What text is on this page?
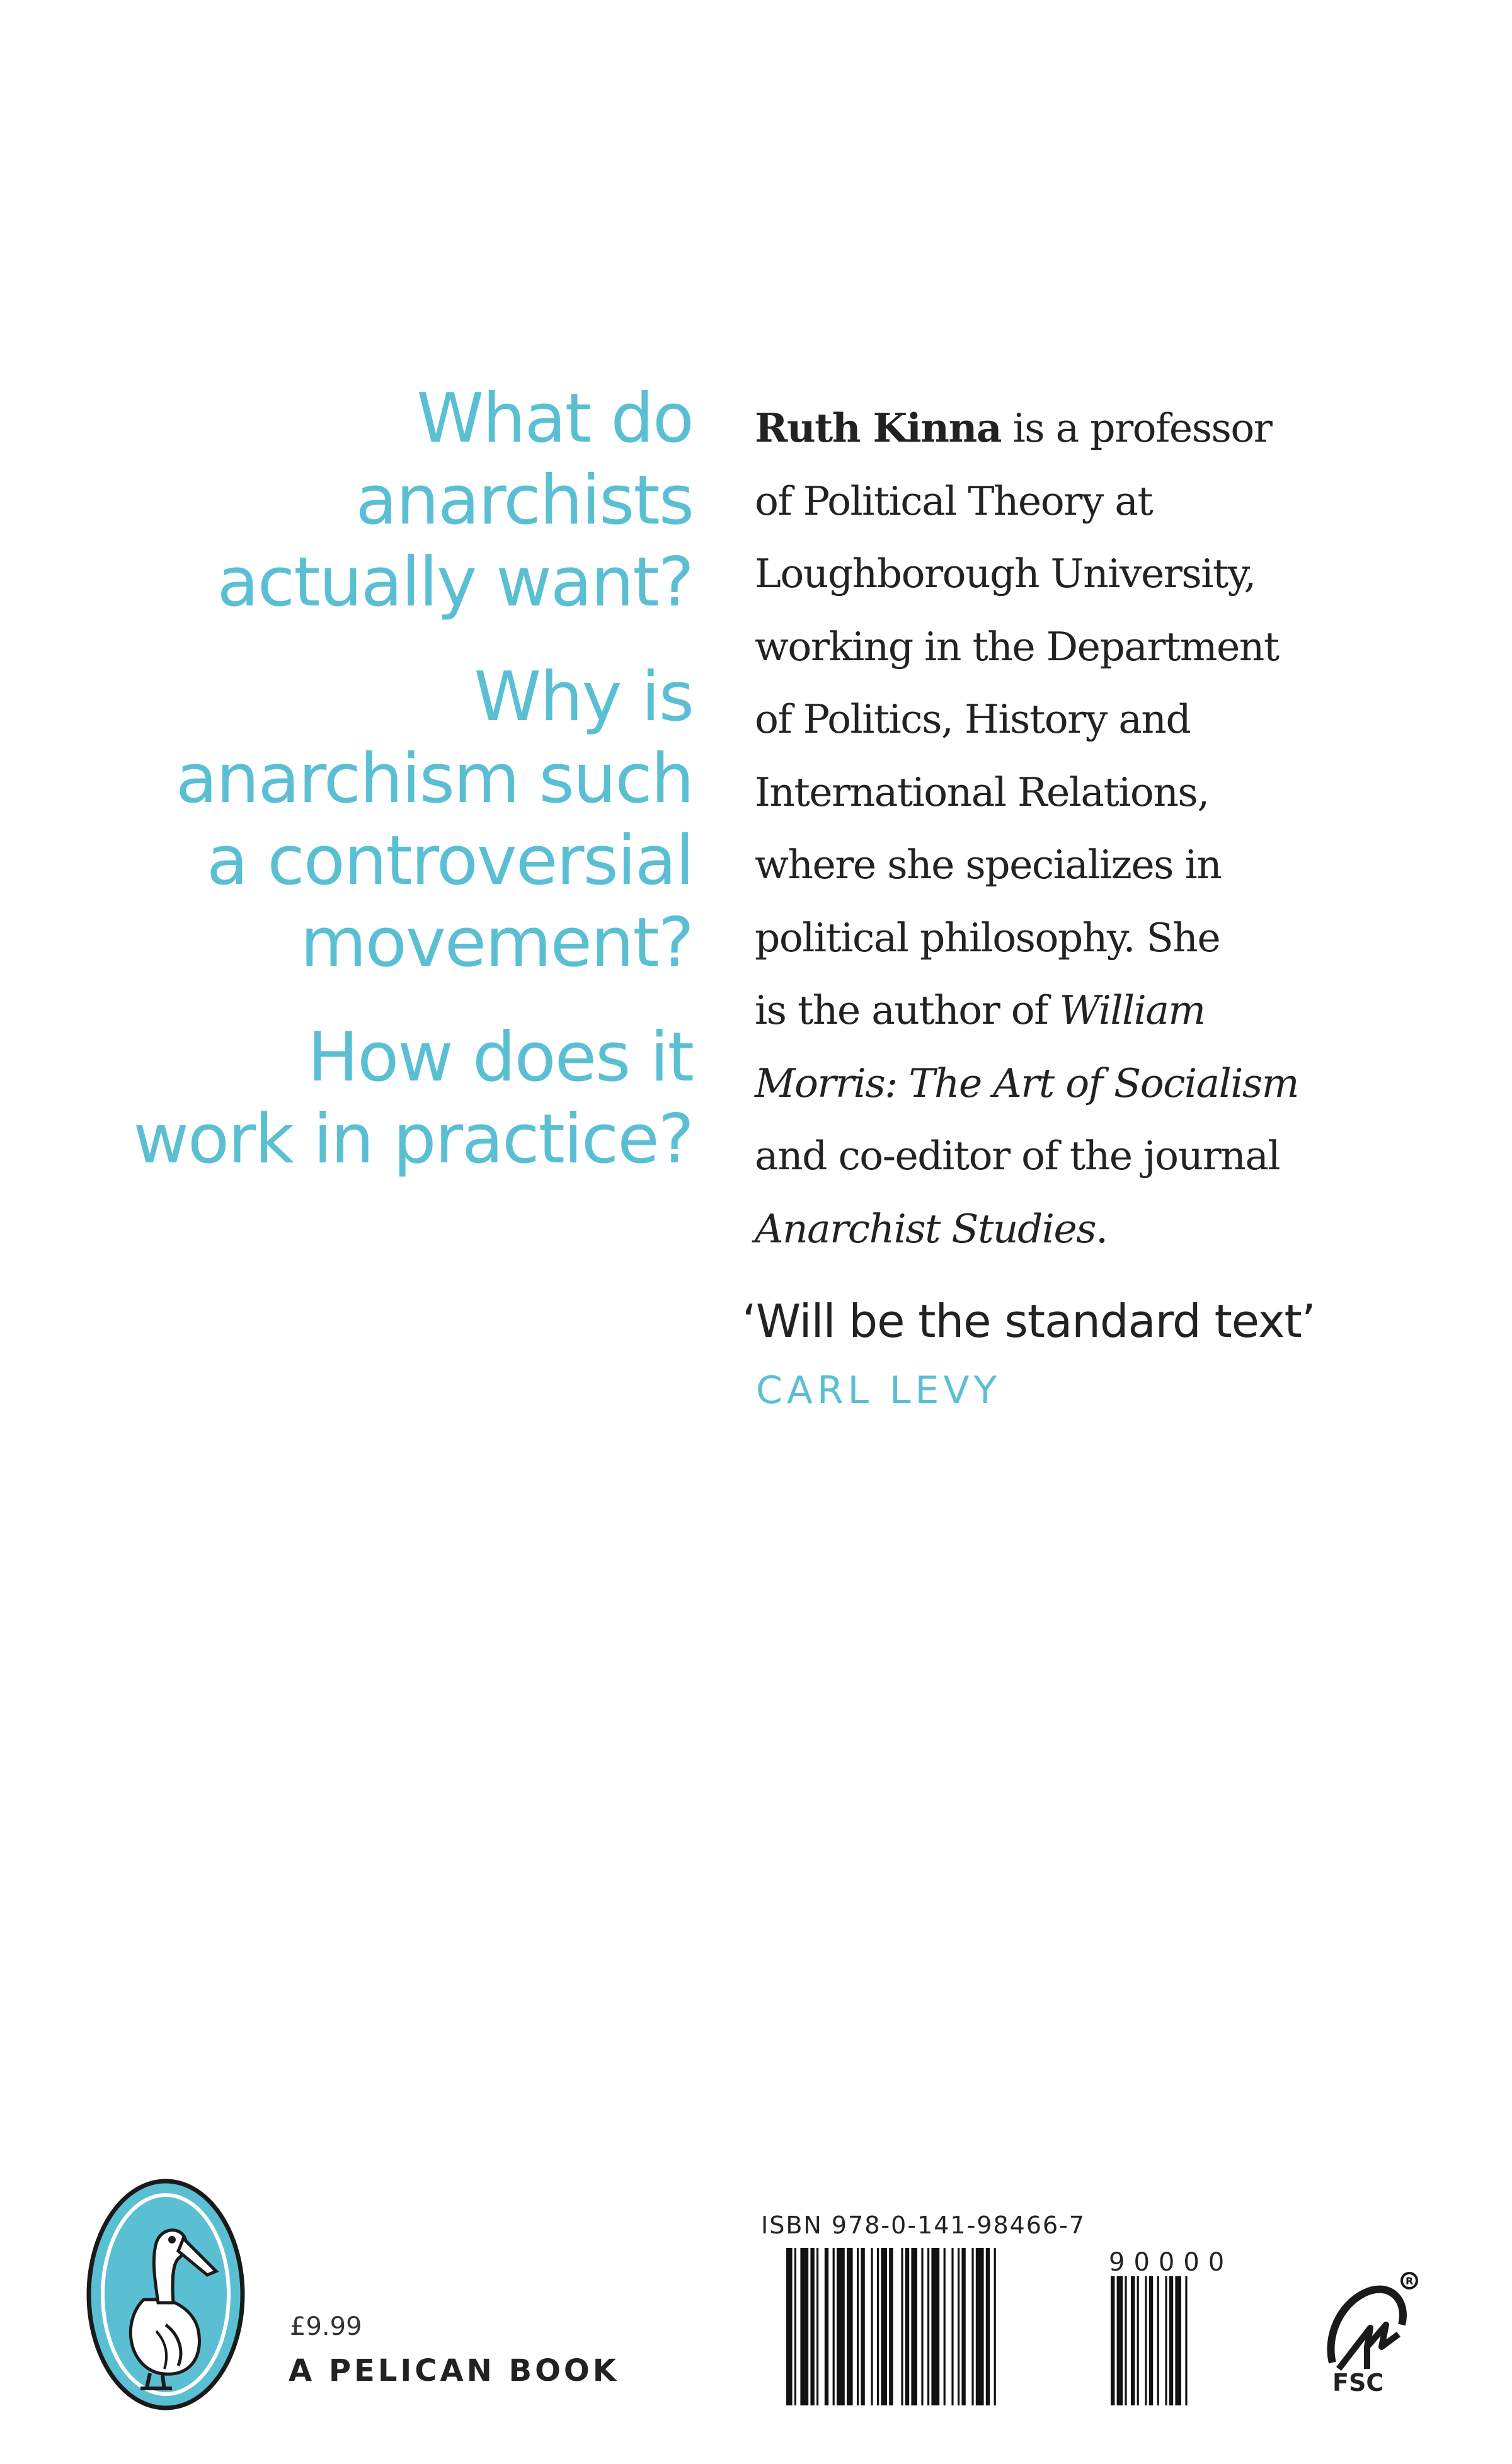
What do
anarchists
actually want?
Why is
anarchism such
a controversial
movement?
How does it
work in practice?
Ruth Kinna is a professor
of Political Theory at
Loughborough University,
working in the Department
of Politics, History and
International Relations,
where she specializes in
political philosophy. She
is the author of William
Morris: The Art of Socialism
and co-editor of the journal
Anarchist Studies.
‘Will be the standard text’
CARL LEVY
£9.99
A PELICAN BOOK
ISBN 978-0-141-98466-7
90000
R
FSC
